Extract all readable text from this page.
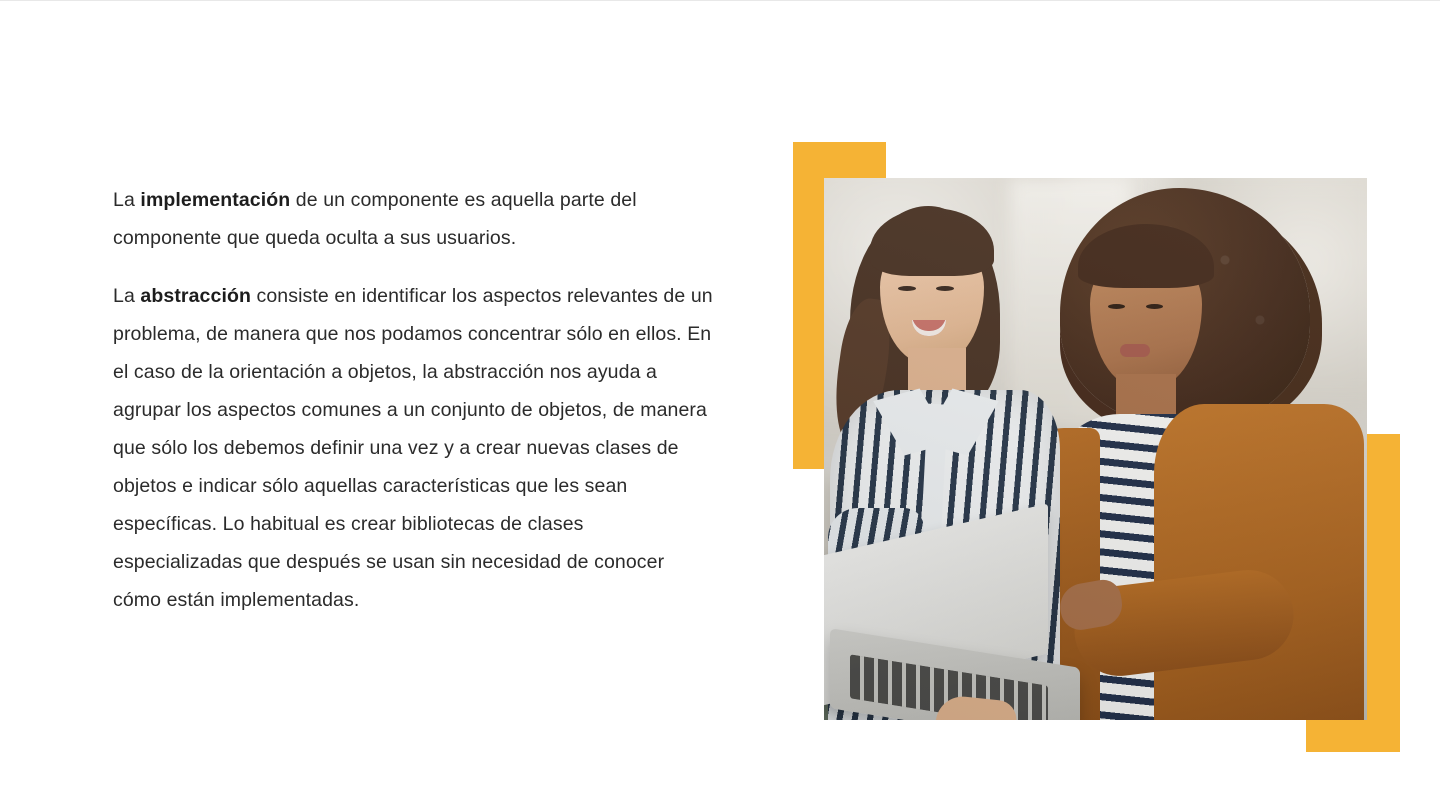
La implementación de un componente es aquella parte del componente que queda oculta a sus usuarios.

La abstracción consiste en identificar los aspectos relevantes de un problema, de manera que nos podamos concentrar sólo en ellos. En el caso de la orientación a objetos, la abstracción nos ayuda a agrupar los aspectos comunes a un conjunto de objetos, de manera que sólo los debemos definir una vez y a crear nuevas clases de objetos e indicar sólo aquellas características que les sean específicas. Lo habitual es crear bibliotecas de clases especializadas que después se usan sin necesidad de conocer cómo están implementadas.
